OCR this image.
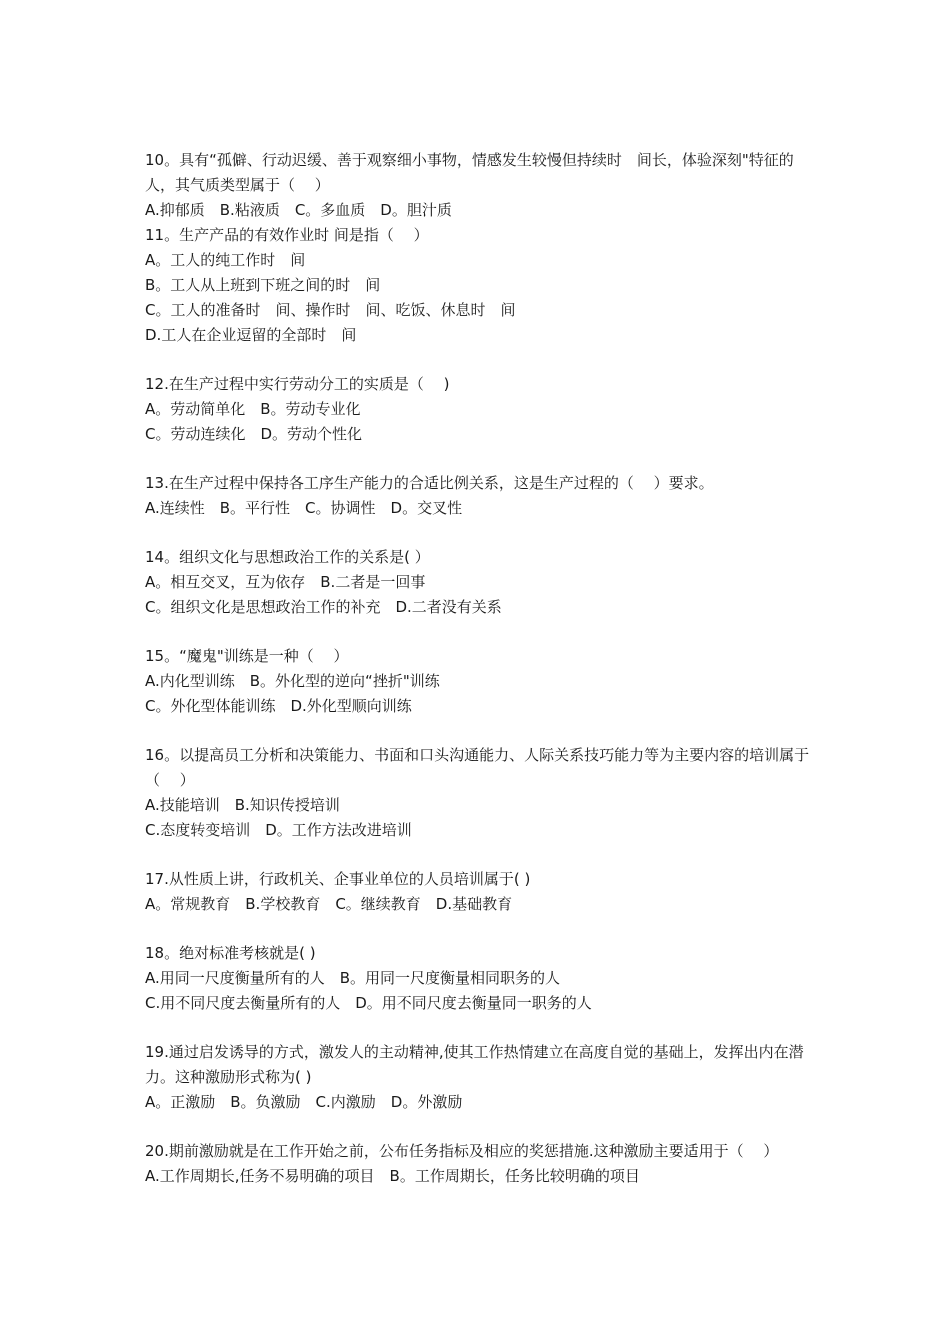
10。具有“孤僻、行动迟缓、善于观察细小事物，情感发生较慢但持续时　间长，体验深刻"特征的人，其气质类型属于（　 ）
A.抑郁质　B.粘液质　C。多血质　D。胆汁质
11。生产产品的有效作业时 间是指（　 ）
A。工人的纯工作时　间
B。工人从上班到下班之间的时　间
C。工人的准备时　间、操作时　间、吃饭、休息时　间
D.工人在企业逗留的全部时　间
12.在生产过程中实行劳动分工的实质是（　 )
A。劳动简单化　B。劳动专业化
C。劳动连续化　D。劳动个性化
13.在生产过程中保持各工序生产能力的合适比例关系，这是生产过程的（　 ）要求。
A.连续性　B。平行性　C。协调性　D。交叉性
14。组织文化与思想政治工作的关系是( ）
A。相互交叉，互为依存　B.二者是一回事
C。组织文化是思想政治工作的补充　D.二者没有关系
15。“魔鬼"训练是一种（　 ）
A.内化型训练　B。外化型的逆向“挫折"训练
C。外化型体能训练　D.外化型顺向训练
16。以提高员工分析和决策能力、书面和口头沟通能力、人际关系技巧能力等为主要内容的培训属于（　 ）
A.技能培训　B.知识传授培训
C.态度转变培训　D。工作方法改进培训
17.从性质上讲，行政机关、企事业单位的人员培训属于( )
A。常规教育　B.学校教育　C。继续教育　D.基础教育
18。绝对标准考核就是( )
A.用同一尺度衡量所有的人　B。用同一尺度衡量相同职务的人
C.用不同尺度去衡量所有的人　D。用不同尺度去衡量同一职务的人
19.通过启发诱导的方式，激发人的主动精神,使其工作热情建立在高度自觉的基础上，发挥出内在潜力。这种激励形式称为( )
A。正激励　B。负激励　C.内激励　D。外激励
20.期前激励就是在工作开始之前，公布任务指标及相应的奖惩措施.这种激励主要适用于（　 ）
A.工作周期长,任务不易明确的项目　B。工作周期长，任务比较明确的项目
